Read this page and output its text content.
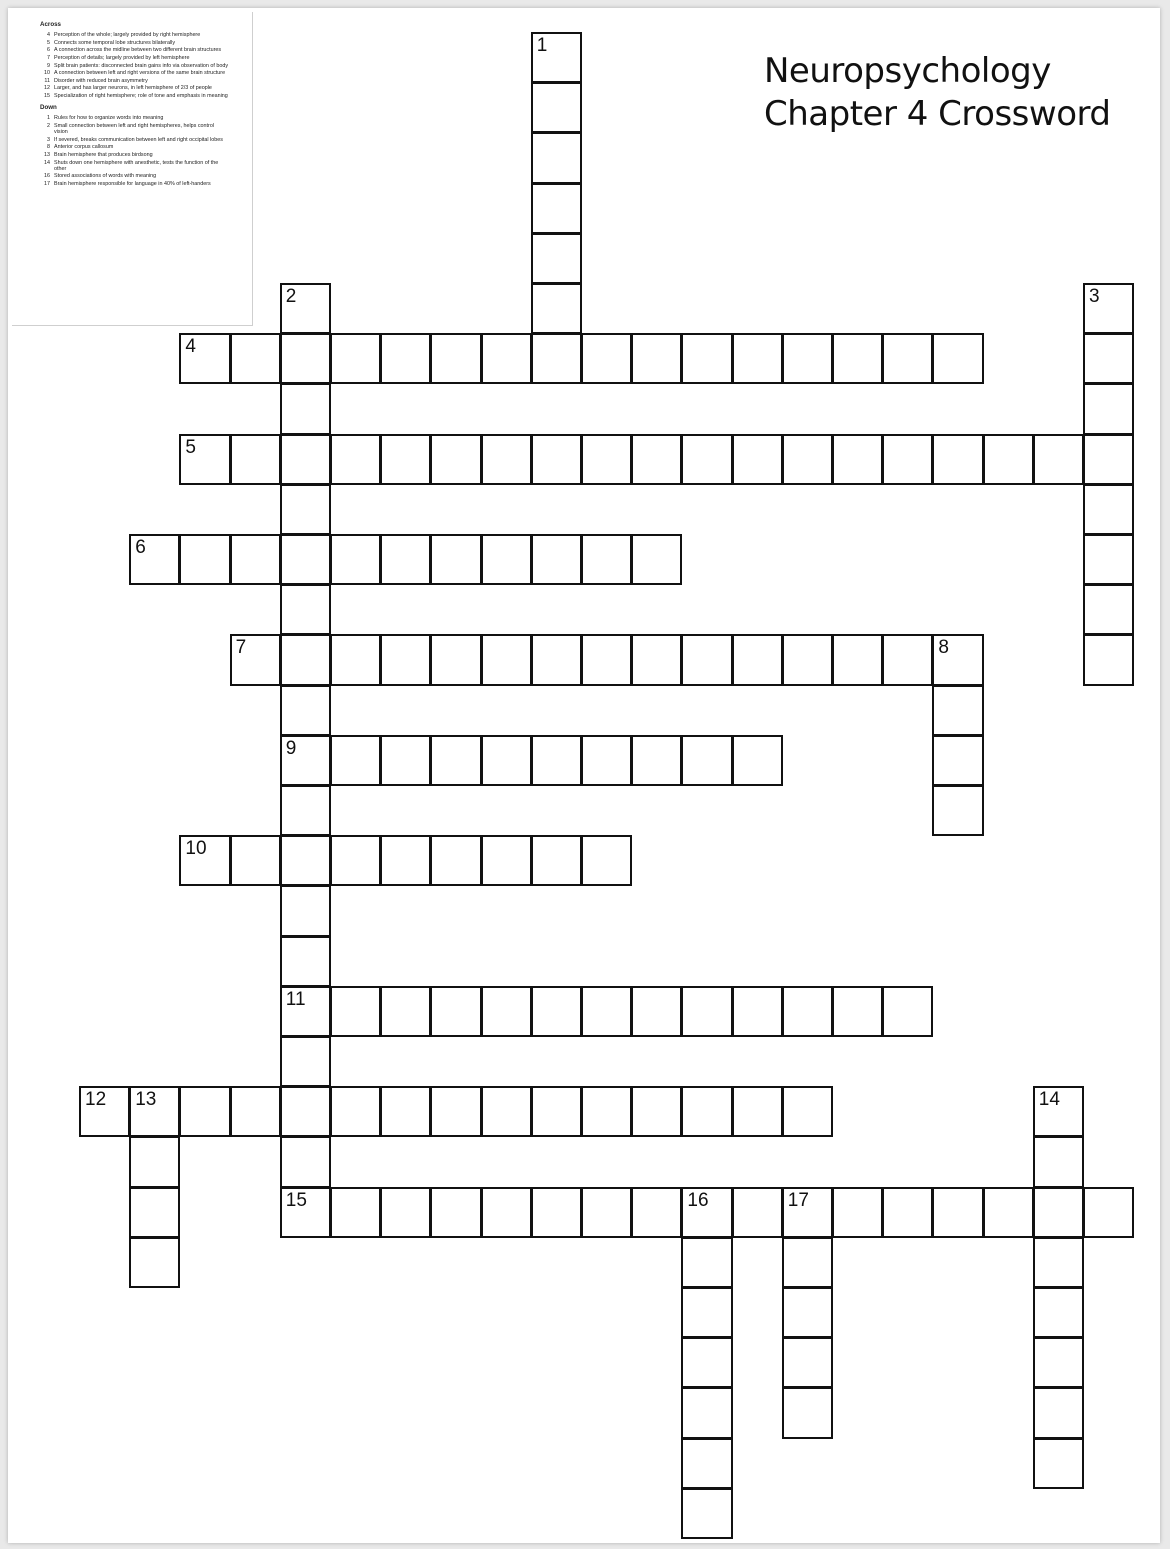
Across
4 Perception of the whole; largely provided by right hemisphere
5 Connects some temporal lobe structures bilaterally
6 A connection across the midline between two different brain structures
7 Perception of details; largely provided by left hemisphere
9 Split brain patients: disconnected brain gains info via observation of body
10 A connection between left and right versions of the same brain structure
11 Disorder with reduced brain asymmetry
12 Larger, and has larger neurons, in left hemisphere of 2/3 of people
15 Specialization of right hemisphere; role of tone and emphasis in meaning
Down
1 Rules for how to organize words into meaning
2 Small connection between left and right hemispheres, helps control vision
3 If severed, breaks communication between left and right occipital lobes
8 Anterior corpus callosum
13 Brain hemisphere that produces birdsong
14 Shuts down one hemisphere with anesthetic, tests the function of the other
16 Stored associations of words with meaning
17 Brain hemisphere responsible for language in 40% of left-handers
Neuropsychology
Chapter 4 Crossword
1
2
9
11
15
3
4
5
6
7	8
10
12 13	14
16	17
